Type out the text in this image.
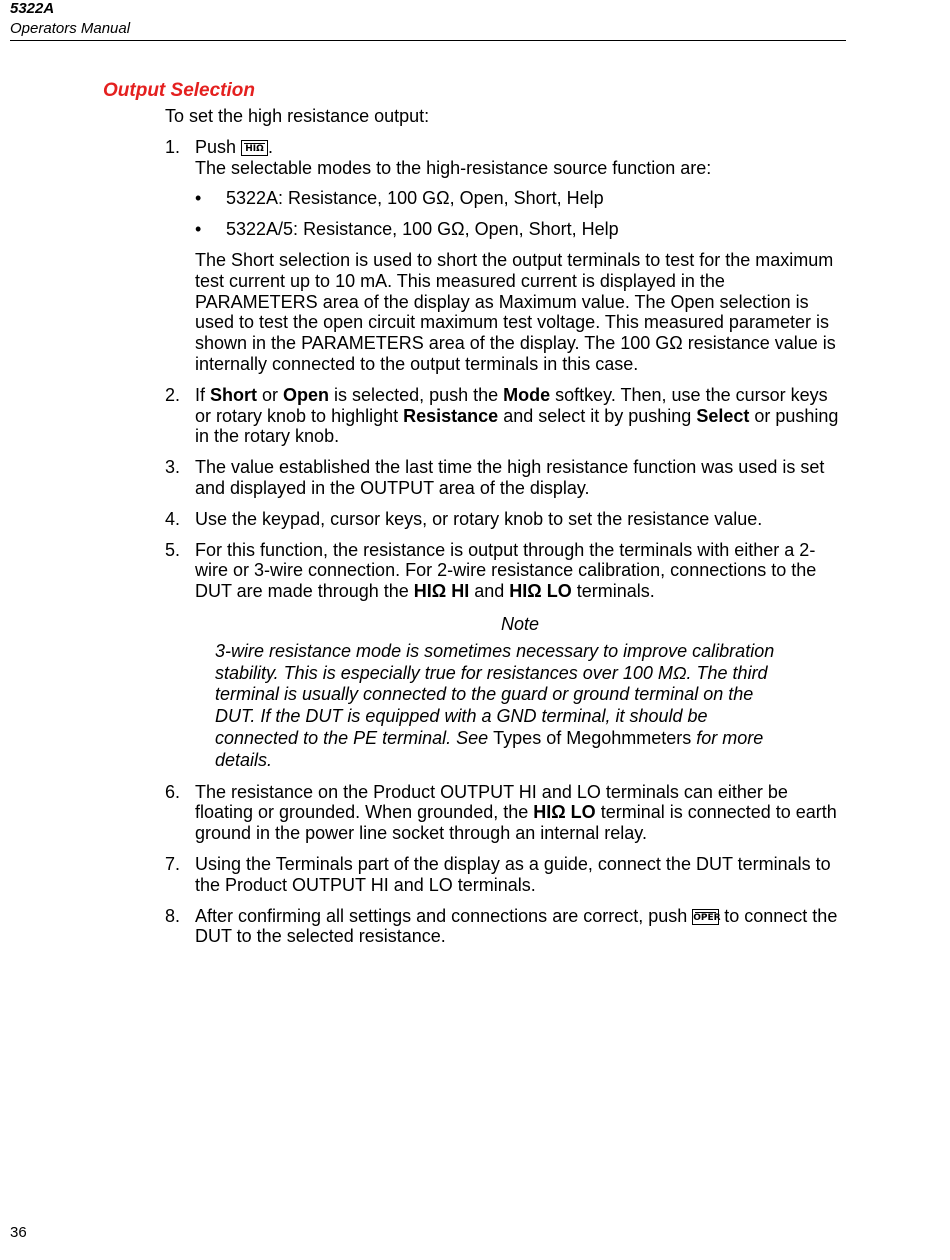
5322A
Operators Manual
Output Selection

To set the high resistance output:

1. Push	HIΩ .

The selectable modes to the high-resistance source function are:

• 5322A: Resistance, 100 GΩ, Open, Short, Help
• 5322A/5: Resistance, 100 GΩ, Open, Short, Help

The Short selection is used to short the output terminals to test for the maximum test current up to 10 mA. This measured current is displayed in the PARAMETERS area of the display as Maximum value. The Open selection is used to test the open circuit maximum test voltage. This measured parameter is shown in the PARAMETERS area of the display. The 100 GΩ resistance value is internally connected to the output terminals in this case.

2. If Short or Open is selected, push the Mode softkey. Then, use the cursor keys or rotary knob to highlight Resistance and select it by pushing Select or pushing in the rotary knob.

3. The value established the last time the high resistance function was used is set and displayed in the OUTPUT area of the display.

4. Use the keypad, cursor keys, or rotary knob to set the resistance value.

5. For this function, the resistance is output through the terminals with either a 2-wire or 3-wire connection. For 2-wire resistance calibration, connections to the DUT are made through the HIΩ HI and HIΩ LO terminals.

Note
3-wire resistance mode is sometimes necessary to improve calibration stability. This is especially true for resistances over 100 MΩ. The third terminal is usually connected to the guard or ground terminal on the DUT. If the DUT is equipped with a GND terminal, it should be connected to the PE terminal. See Types of Megohmmeters for more details.
6. The resistance on the Product OUTPUT HI and LO terminals can either be floating or grounded. When grounded, the HIΩ LO terminal is connected to earth ground in the power line socket through an internal relay.

7. Using the Terminals part of the display as a guide, connect the DUT terminals to the Product OUTPUT HI and LO terminals.

8. After confirming all settings and connections are correct, push OPER
to connect the DUT to the selected resistance.

36
